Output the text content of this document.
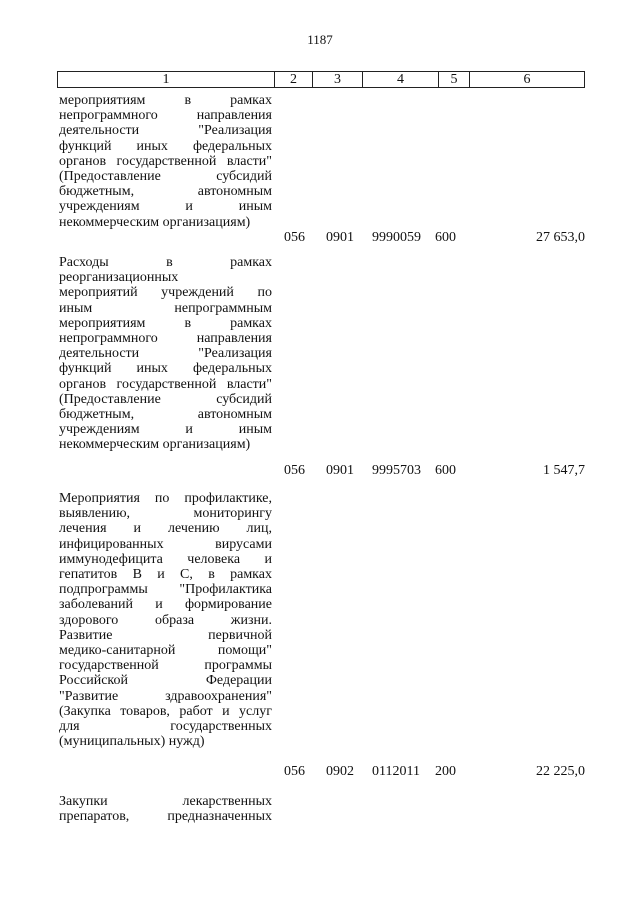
1187
1	2	3	4	5	6
мероприятиям в рамках
непрограммного направления
деятельности "Реализация
функций иных федеральных
органов государственной власти"
(Предоставление субсидий
бюджетным, автономным
учреждениям и иным
некоммерческим организациям)
056 0901 9990059 600	27 653,0
Расходы в рамках
реорганизационных
мероприятий учреждений по
иным непрограммным
мероприятиям в рамках
непрограммного направления
деятельности "Реализация
функций иных федеральных
органов государственной власти"
(Предоставление субсидий
бюджетным, автономным
учреждениям и иным
некоммерческим организациям)
056 0901 9995703 600	1 547,7
Мероприятия по профилактике,
выявлению, мониторингу
лечения и лечению лиц,
инфицированных вирусами
иммунодефицита человека и
гепатитов В и С, в рамках
подпрограммы "Профилактика
заболеваний и формирование
здорового образа жизни.
Развитие первичной
медико-санитарной помощи"
государственной программы
Российской Федерации
"Развитие здравоохранения"
(Закупка товаров, работ и услуг
для государственных
(муниципальных) нужд)
056 0902 0112011 200	22 225,0
Закупки лекарственных
препаратов, предназначенных
